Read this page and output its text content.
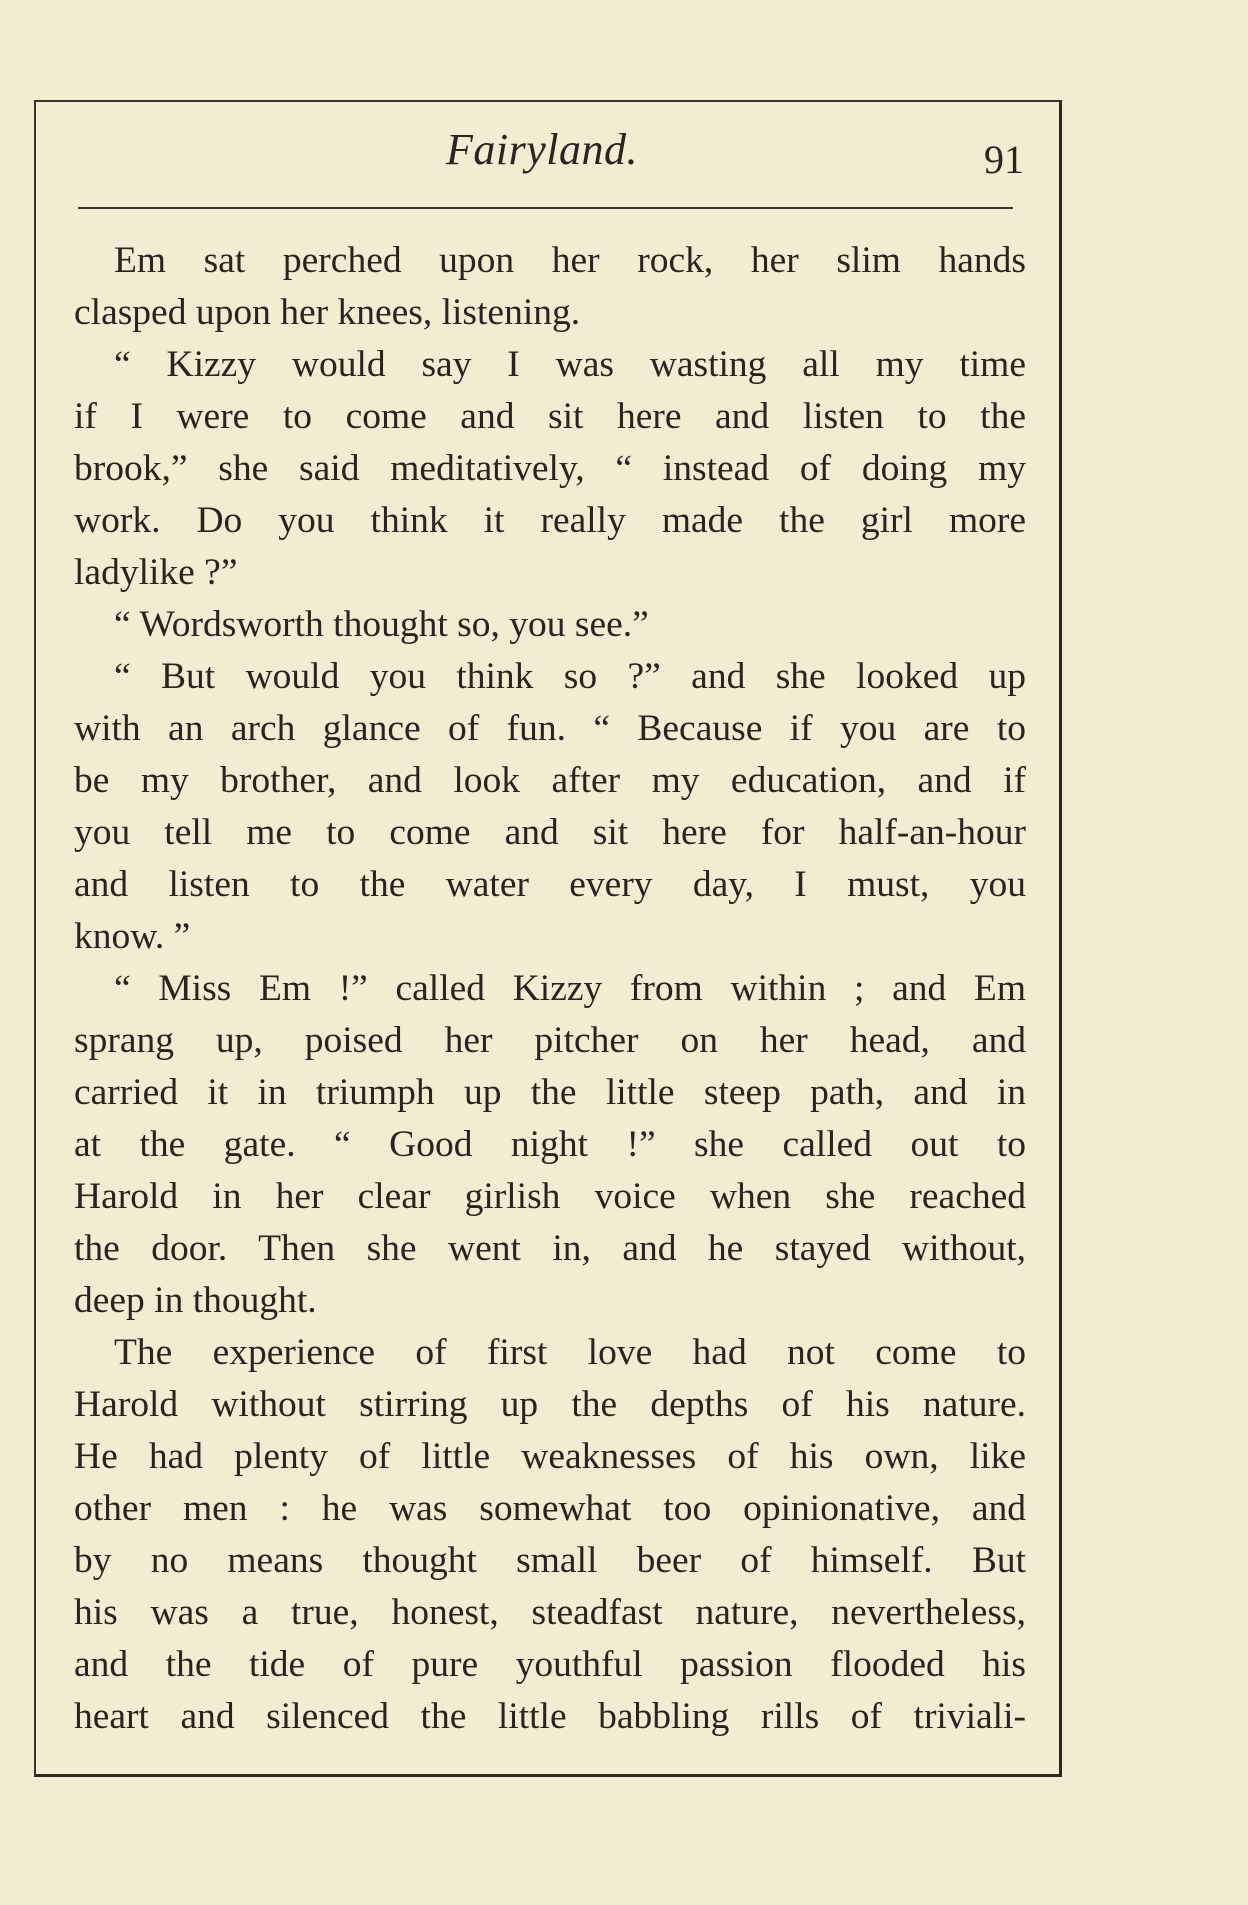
Fairyland.	91
Em sat perched upon her rock, her slim hands
clasped upon her knees, listening.
“ Kizzy would say I was wasting all my time
if I were to come and sit here and listen to the
brook,” she said meditatively, “ instead of doing my
work. Do you think it really made the girl more
ladylike ?”
“ Wordsworth thought so, you see.”
“ But would you think so ?” and she looked up
with an arch glance of fun. “ Because if you are to
be my brother, and look after my education, and if
you tell me to come and sit here for half-an-hour
and listen to the water every day, I must, you
know. ”
“ Miss Em !” called Kizzy from within ; and Em
sprang up, poised her pitcher on her head, and
carried it in triumph up the little steep path, and in
at the gate. “ Good night !” she called out to
Harold in her clear girlish voice when she reached
the door. Then she went in, and he stayed without,
deep in thought.
The experience of first love had not come to
Harold without stirring up the depths of his nature.
He had plenty of little weaknesses of his own, like
other men : he was somewhat too opinionative, and
by no means thought small beer of himself. But
his was a true, honest, steadfast nature, nevertheless,
and the tide of pure youthful passion flooded his
heart and silenced the little babbling rills of triviali-
